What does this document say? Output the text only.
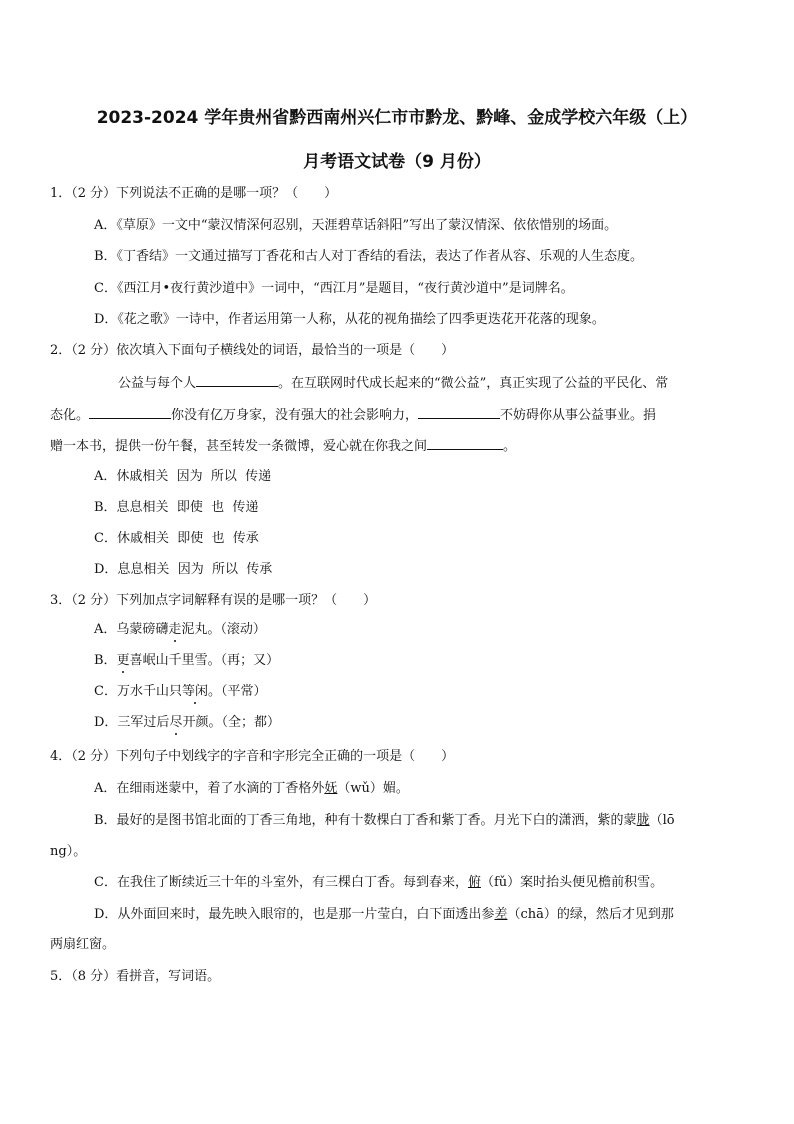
2023-2024 学年贵州省黔西南州兴仁市市黔龙、黔峰、金成学校六年级（上）
月考语文试卷（9 月份）
1．（2 分）下列说法不正确的是哪一项？（　　）
A．《草原》一文中“蒙汉情深何忍别，天涯碧草话斜阳”写出了蒙汉情深、依依惜别的场面。
B．《丁香结》一文通过描写丁香花和古人对丁香结的看法，表达了作者从容、乐观的人生态度。
C．《西江月•夜行黄沙道中》一词中，“西江月”是题目，“夜行黄沙道中”是词牌名。
D．《花之歌》一诗中，作者运用第一人称，从花的视角描绘了四季更迭花开花落的现象。
2．（2 分）依次填入下面句子横线处的词语，最恰当的一项是（　　）
公益与每个人	。在互联网时代成长起来的“微公益”，真正实现了公益的平民化、常
态化。	你没有亿万身家，没有强大的社会影响力，	不妨碍你从事公益事业。捐
赠一本书，提供一份午餐，甚至转发一条微博，爱心就在你我之间	。
A．休戚相关  因为  所以  传递
B．息息相关  即使  也  传递
C．休戚相关  即使  也  传承
D．息息相关  因为  所以  传承
3．（2 分）下列加点字词解释有误的是哪一项？（　　）
A．乌蒙磅礴走泥丸。（滚动）
B．更喜岷山千里雪。（再；又）
C．万水千山只等闲。（平常）
D．三军过后尽开颜。（全；都）
4．（2 分）下列句子中划线字的字音和字形完全正确的一项是（　　）
A．在细雨迷蒙中，着了水滴的丁香格外妩（wǔ）媚。
B．最好的是图书馆北面的丁香三角地，种有十数棵白丁香和紫丁香。月光下白的潇洒，紫的蒙胧（lō
ng）。
C．在我住了断续近三十年的斗室外，有三棵白丁香。每到春来，俯（fǔ）案时抬头便见檐前积雪。
D．从外面回来时，最先映入眼帘的，也是那一片莹白，白下面透出参差（chā）的绿，然后才见到那
两扇红窗。
5．（8 分）看拼音，写词语。
